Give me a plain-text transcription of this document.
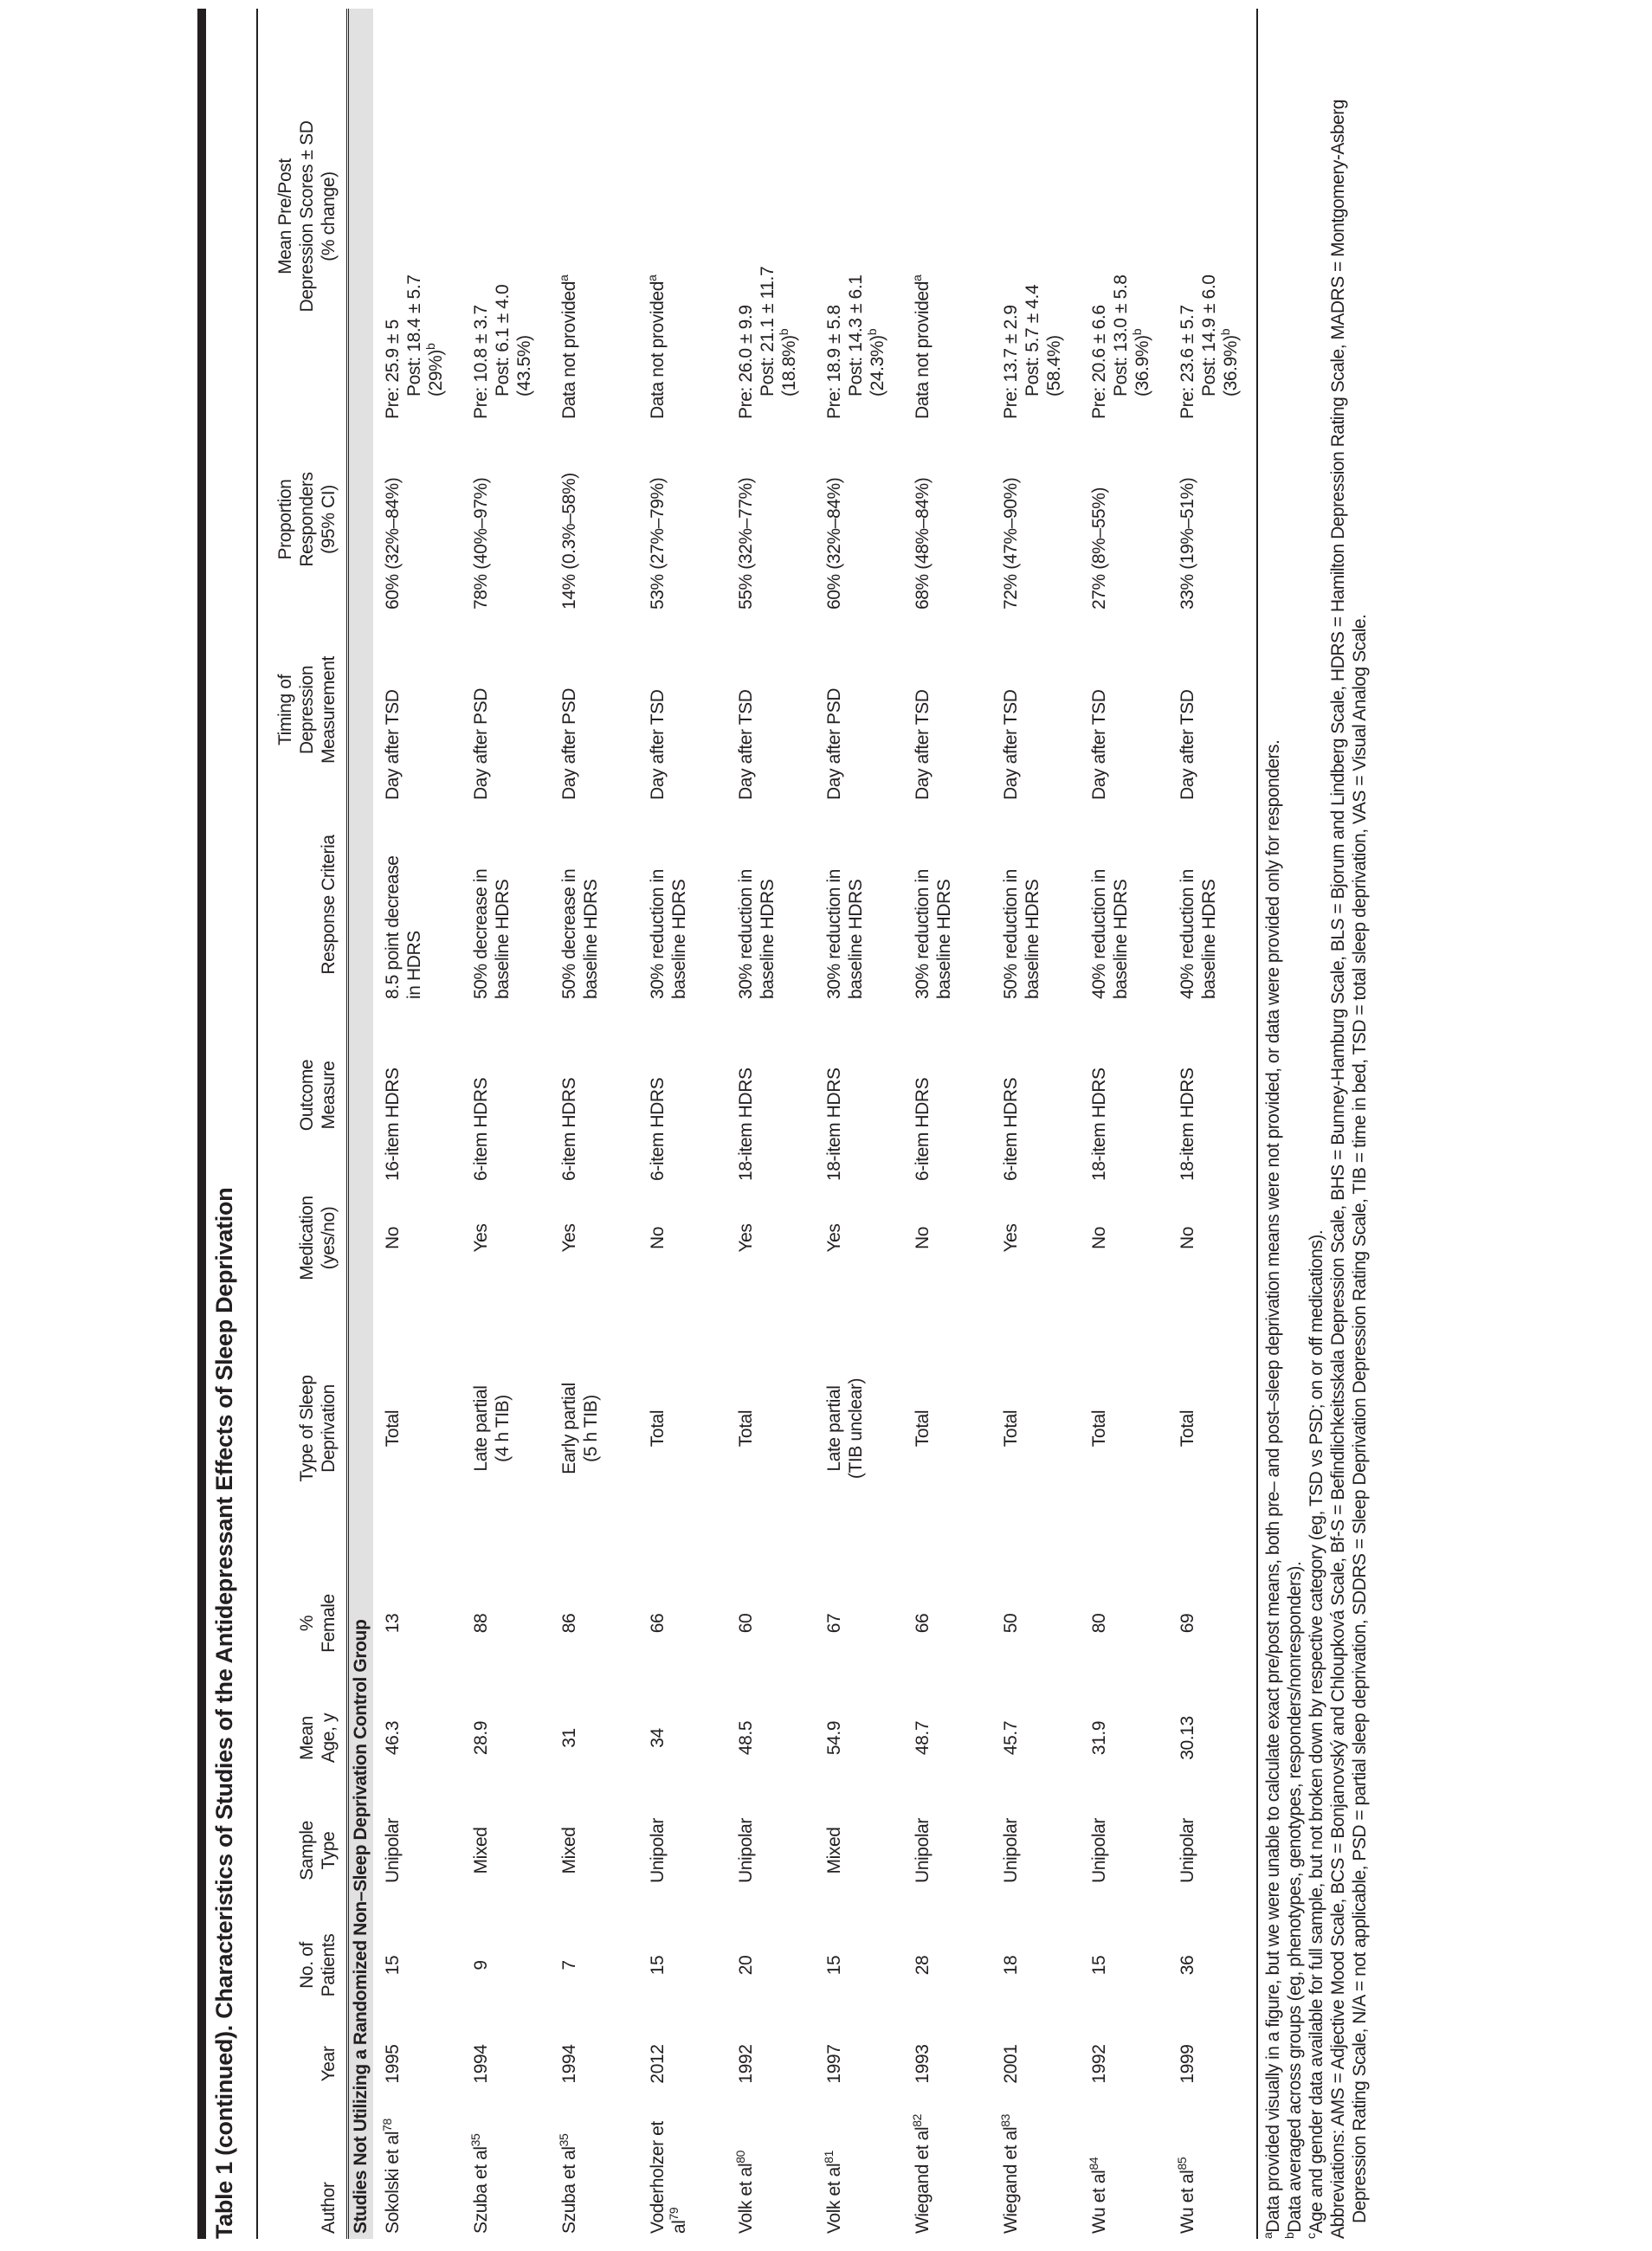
Table 1 (continued). Characteristics of Studies of the Antidepressant Effects of Sleep Deprivation	Author	Year	No. of Patients	Sample Type	Mean Age, y	% Female	Type of Sleep Deprivation	Medication (yes/no)	Outcome Measure	Response Criteria	Timing of Depression Measurement	Proportion Responders (95% CI)	Mean Pre/Post Depression Scores ± SD (% change)

Studies Not Utilizing a Randomized Non–Sleep Deprivation Control Group												
Sokolski et $al^{78}$	1995	15	Unipolar	46.3	13	Total	No	16-item HDRS	8.5 point decrease in HDRS	Day after TSD	60% (32%–84%)	Pre: 25.9 ± 5 Post: 18.4 ± 5.7 $(29\%)^b$

Szuba et $al^{35}$	1994	9	Mixed	28.9	88	Late partial (4 h TIB)	Yes	6-item HDRS	50% decrease in baseline HDRS	Day after PSD	78% (40%–97%)	Pre: 10.8 ± 3.7 Post: 6.1 ± 4.0 (43.5%)

Szuba et $al^{35}$	1994	7	Mixed	31	86	Early partial (5 h TIB)	Yes	6-item HDRS	50% decrease in baseline HDRS	Day after PSD	14% (0.3%–58%)	Data not provided$^a$

Voderholzer et $al^{79}$	2012	15	Unipolar	34	66	Total	No	6-item HDRS	30% reduction in baseline HDRS	Day after TSD	53% (27%–79%)	Data not provided$^a$

Volk et $al^{80}$	1992	20	Unipolar	48.5	60	Total	Yes	18-item HDRS	30% reduction in baseline HDRS	Day after TSD	55% (32%–77%)	Pre: 26.0 ± 9.9 Post: 21.1 ± 11.7 $(18.8\%)^b$

Volk et $al^{81}$	1997	15	Mixed	54.9	67	Late partial (TIB unclear)	Yes	18-item HDRS	30% reduction in baseline HDRS	Day after PSD	60% (32%–84%)	Pre: 18.9 ± 5.8 Post: 14.3 ± 6.1 $(24.3\%)^b$

Wiegand et $al^{82}$	1993	28	Unipolar	48.7	66	Total	No	6-item HDRS	30% reduction in baseline HDRS	Day after TSD	68% (48%–84%)	Data not provided$^a$

Wiegand et $al^{83}$	2001	18	Unipolar	45.7	50	Total	Yes	6-item HDRS	50% reduction in baseline HDRS	Day after TSD	72% (47%–90%)	Pre: 13.7 ± 2.9 Post: 5.7 ± 4.4 (58.4%)

Wu et $al^{84}$	1992	15	Unipolar	31.9	80	Total	No	18-item HDRS	40% reduction in baseline HDRS	Day after TSD	27% (8%–55%)	Pre: 20.6 ± 6.6 Post: 13.0 ± 5.8 $(36.9\%)^b$

Wu et $al^{85}$	1999	36	Unipolar	30.13	69	Total	No	18-item HDRS	40% reduction in baseline HDRS	Day after TSD	33% (19%–51%)	Pre: 23.6 ± 5.7 Post: 14.9 ± 6.0 $(36.9\%)^b$

$^a$Data provided visually in a figure, but we were unable to calculate exact pre/post means, both pre– and post–sleep deprivation means were not provided, or data were provided only for responders.

$^b$Data averaged across groups (eg, phenotypes, genotypes, responders/nonresponders).

$^c$Age and gender data available for full sample, but not broken down by respective category (eg, TSD vs PSD; on or off medications). Abbreviations: AMS = Adjective Mood Scale, BCS = Bonjanovský and Chloupková Scale, Bf-S = Befindlichkeitsskala Depression Scale, BHS = Bunney-Hamburg Scale, BLS = Bjorum and Lindberg Scale, HDRS = Hamilton Depression Rating Scale, MADRS = Montgomery-Asberg Depression Rating Scale, N/A = not applicable, PSD = partial sleep deprivation, SDDRS = Sleep Deprivation Depression Rating Scale, TIB = time in bed, TSD = total sleep deprivation, VAS = Visual Analog Scale.
